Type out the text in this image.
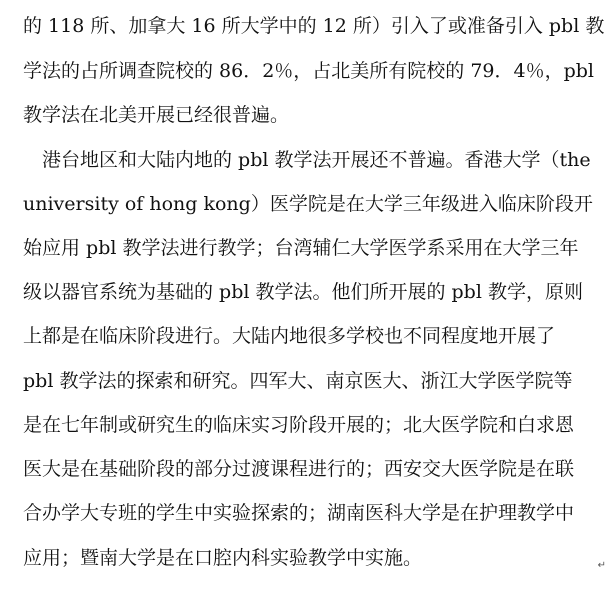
的 118 所、加拿大 16 所大学中的 12 所）引入了或准备引入 pbl 教
学法的占所调查院校的 86．2％，占北美所有院校的 79．4％，pbl
教学法在北美开展已经很普遍。
港台地区和大陆内地的 pbl 教学法开展还不普遍。香港大学（the
university of hong kong）医学院是在大学三年级进入临床阶段开
始应用 pbl 教学法进行教学；台湾辅仁大学医学系采用在大学三年
级以器官系统为基础的 pbl 教学法。他们所开展的 pbl 教学，原则
上都是在临床阶段进行。大陆内地很多学校也不同程度地开展了
pbl 教学法的探索和研究。四军大、南京医大、浙江大学医学院等
是在七年制或研究生的临床实习阶段开展的；北大医学院和白求恩
医大是在基础阶段的部分过渡课程进行的；西安交大医学院是在联
合办学大专班的学生中实验探索的；湖南医科大学是在护理教学中
应用；暨南大学是在口腔内科实验教学中实施。	↵
